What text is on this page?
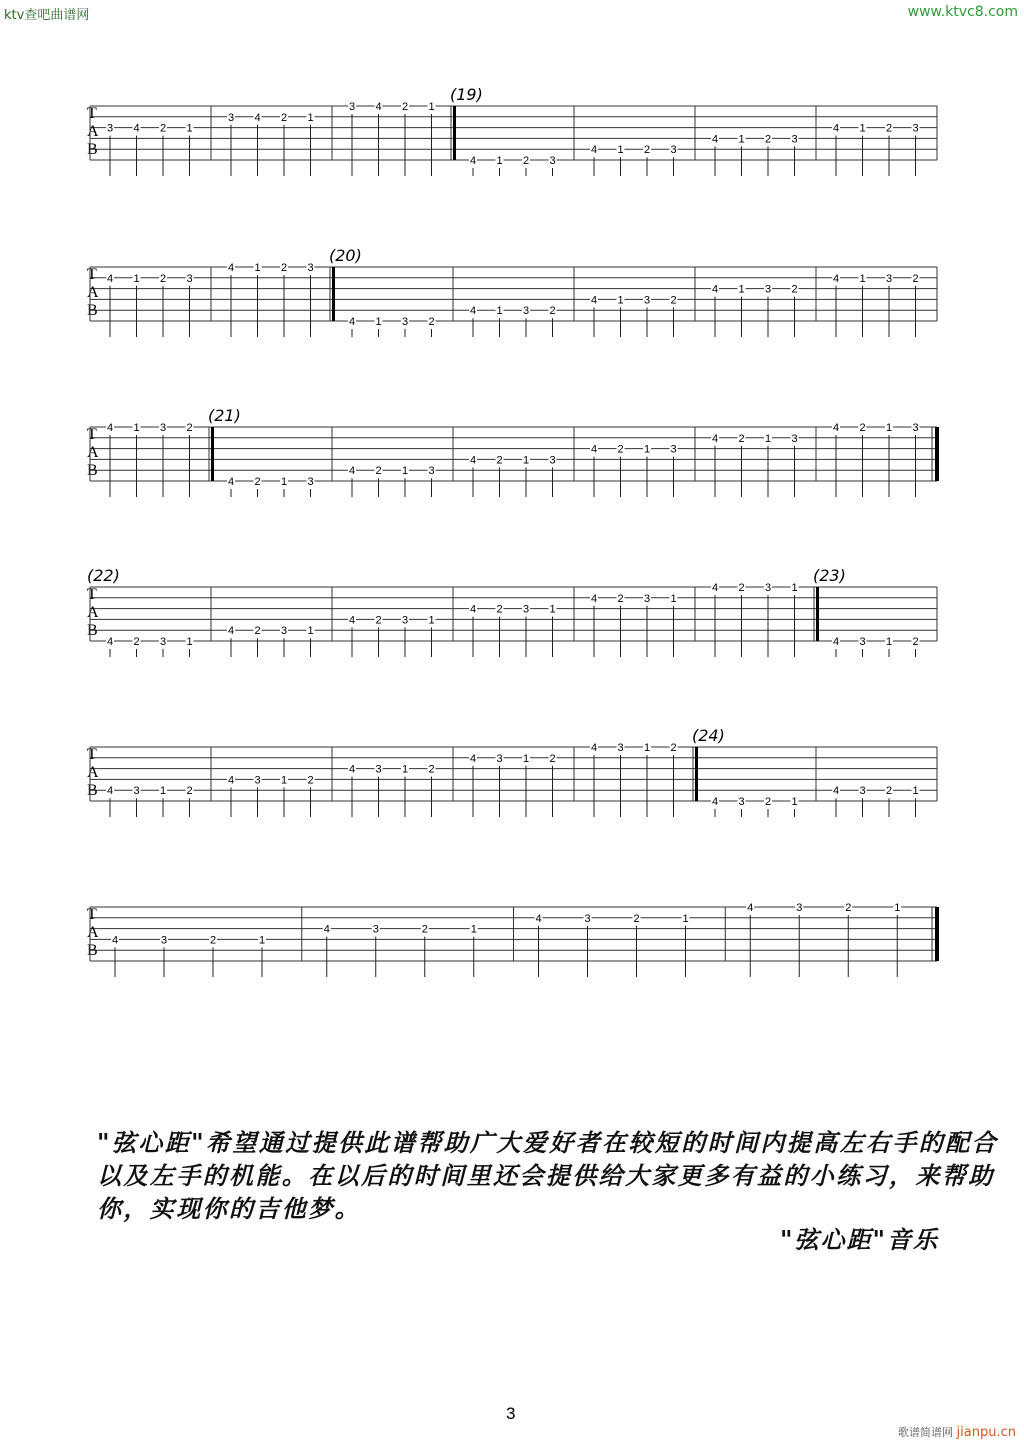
ktv查吧曲谱网	www.ktvc8.com
T
A
B
3 4 2 1
3 4 2 1
3 4 2 1
(19)
4 1 2 3
4 1 2 3
4 1 2 3
4 1 2 3
T
A
B
4 1 2 3
4 1 2 3
(20)
4 1 3 2
4 1 3 2
4 1 3 2
4 1 3 2
4 1 3 2
T
A
B
4 1 3 2
(21)
4 2 1 3
4 2 1 3
4 2 1 3
4 2 1 3
4 2 1 3
4 2 1 3
T
A
B
(22)
4 2 3 1
4 2 3 1
4 2 3 1
4 2 3 1
4 2 3 1
4 2 3 1
(23)
4 3 1 2
T
A
B 4 3 1 2
4 3 1 2
4 3 1 2
4 3 1 2
4 3 1 2
(24)
4 3 2 1
4 3 2 1
T
A
B
4	3	2	1
4	3	2	1
4	3	2	1
4	3	2	1
"弦心距"希望通过提供此谱帮助广大爱好者在较短的时间内提高左右手的配合
以及左手的机能。在以后的时间里还会提供给大家更多有益的小练习，来帮助
你，实现你的吉他梦。
"弦心距"音乐
3
歌谱简谱网 jianpu.cn
